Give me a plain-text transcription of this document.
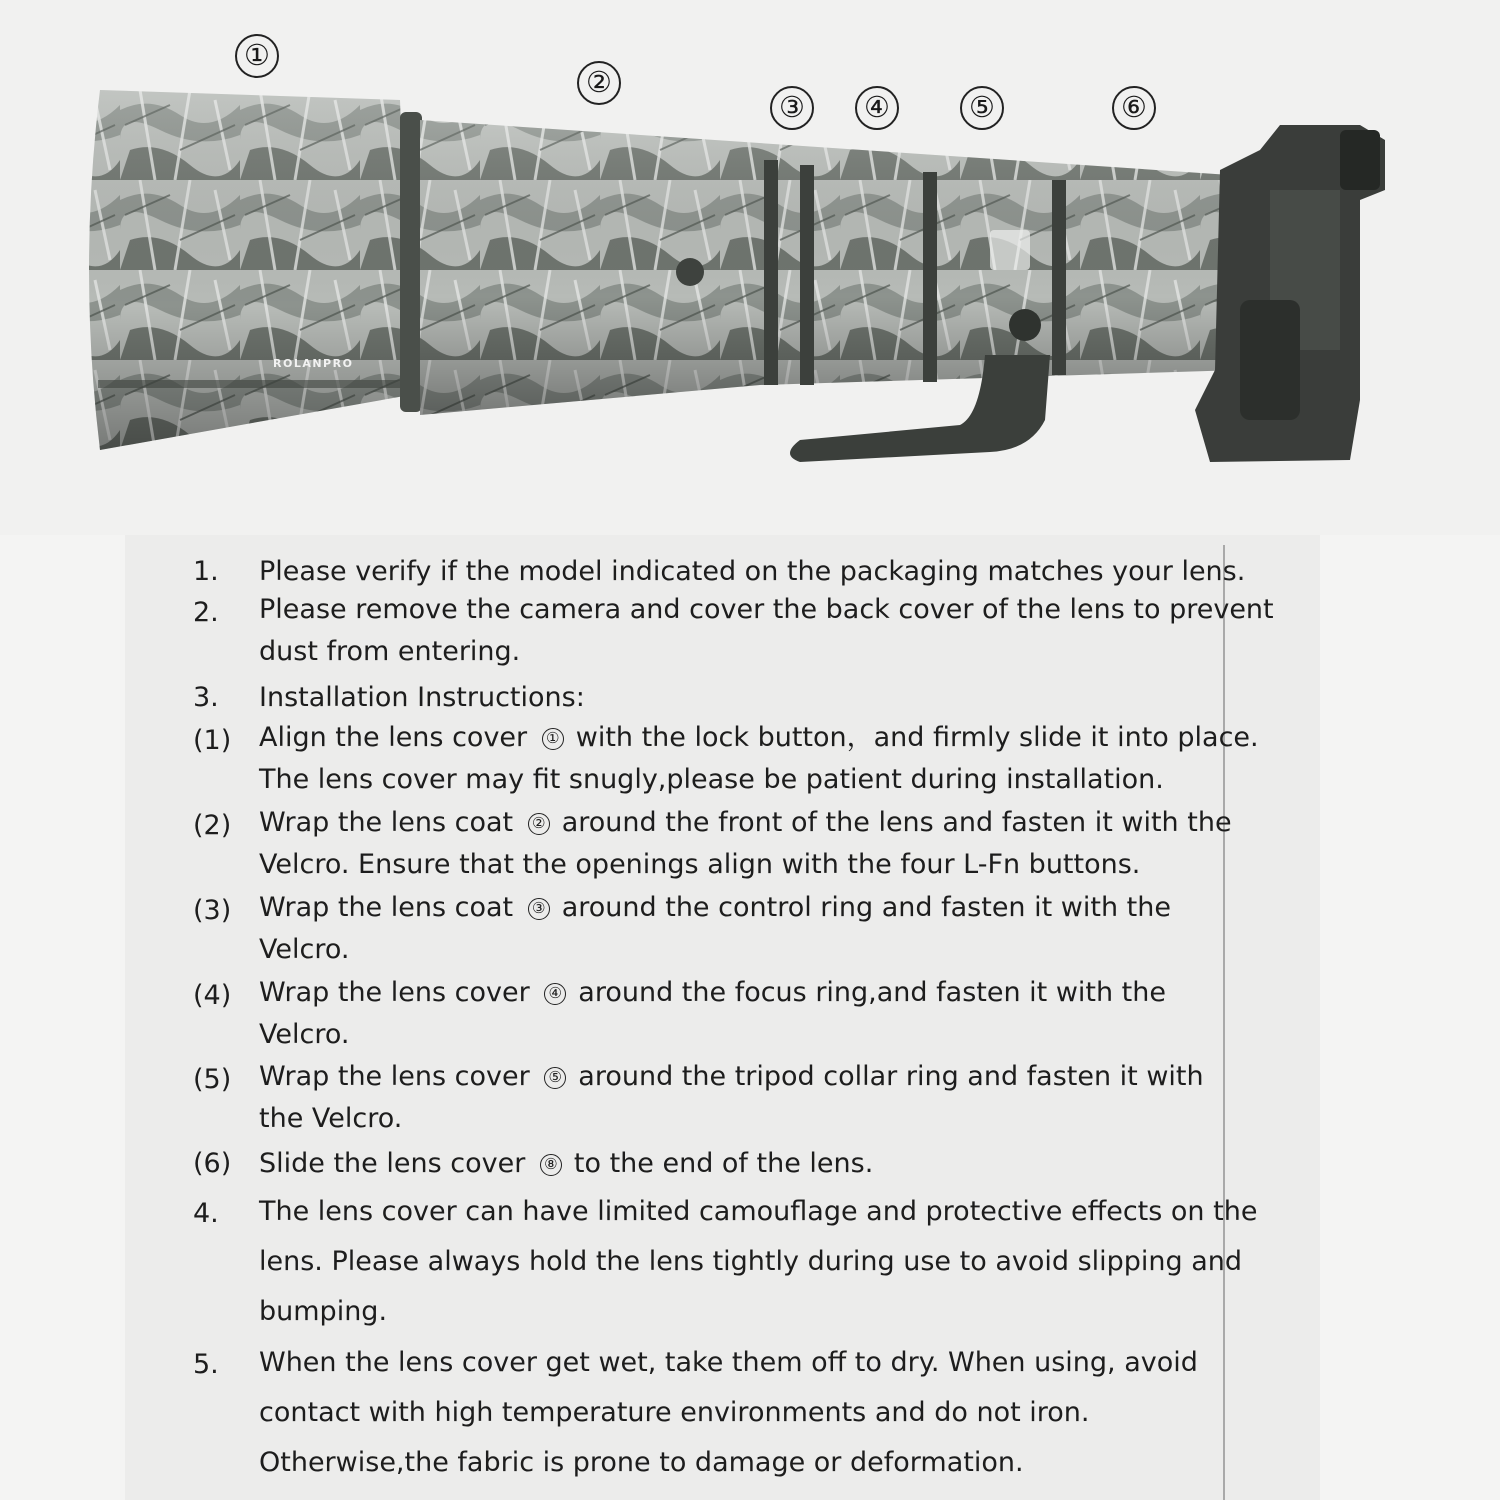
①
②
③	④	⑤	⑥
ROLANPRO
1. Please verify if the model indicated on the packaging matches your lens.
2. Please remove the camera and cover the back cover of the lens to prevent
dust from entering.
3. Installation Instructions:
(1) Align the lens cover ① with the lock button，and firmly slide it into place.
The lens cover may fit snugly,please be patient during installation.
(2) Wrap the lens coat ② around the front of the lens and fasten it with the
Velcro. Ensure that the openings align with the four L-Fn buttons.
(3) Wrap the lens coat ③ around the control ring and fasten it with the
Velcro.
(4) Wrap the lens cover ④ around the focus ring,and fasten it with the
Velcro.
(5) Wrap the lens cover ⑤ around the tripod collar ring and fasten it with
the Velcro.
(6) Slide the lens cover ⑧ to the end of the lens.
4. The lens cover can have limited camouflage and protective effects on the
lens. Please always hold the lens tightly during use to avoid slipping and
bumping.
5. When the lens cover get wet, take them off to dry. When using, avoid
contact with high temperature environments and do not iron.
Otherwise,the fabric is prone to damage or deformation.
